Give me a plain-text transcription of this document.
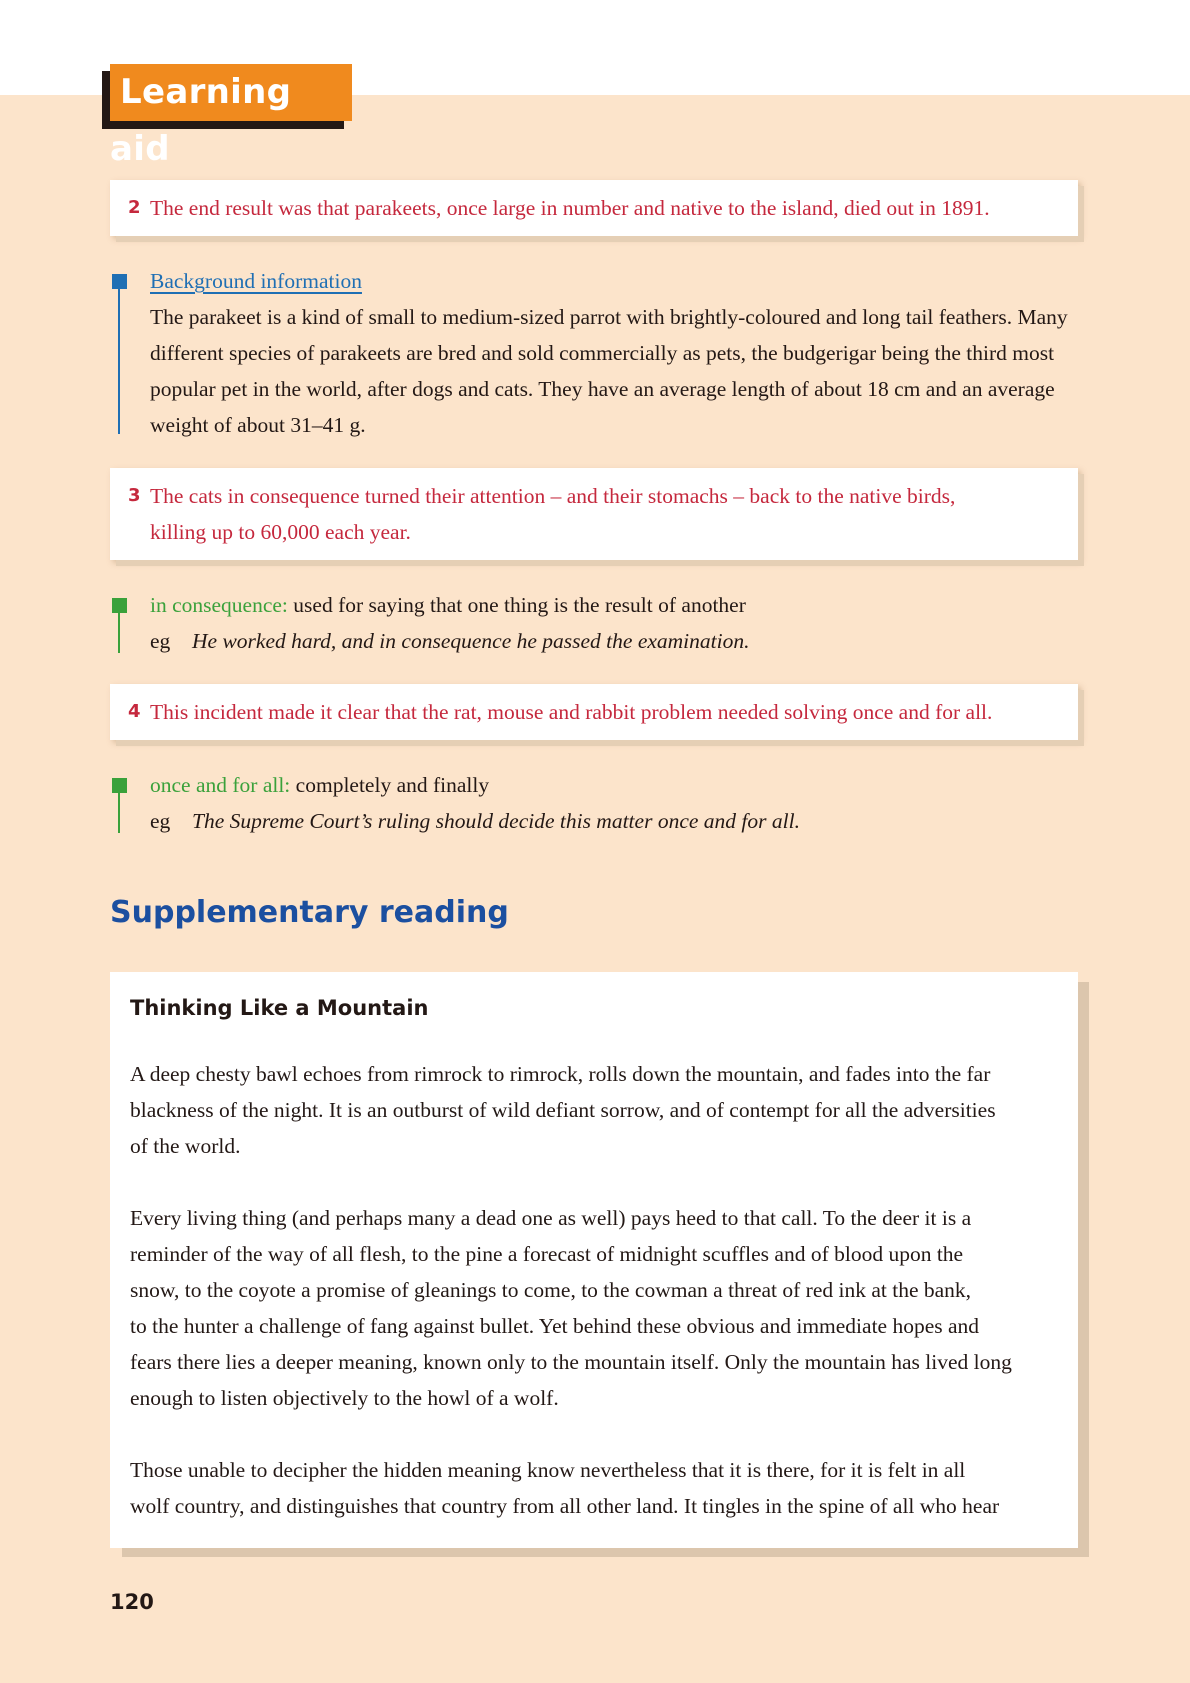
Learning aid
2 The end result was that parakeets, once large in number and native to the island, died out in 1891.
Background information
The parakeet is a kind of small to medium-sized parrot with brightly-coloured and long tail feathers. Many
different species of parakeets are bred and sold commercially as pets, the budgerigar being the third most
popular pet in the world, after dogs and cats. They have an average length of about 18 cm and an average
weight of about 31–41 g.
3 The cats in consequence turned their attention – and their stomachs – back to the native birds,
killing up to 60,000 each year.
in consequence: used for saying that one thing is the result of another
eg He worked hard, and in consequence he passed the examination.
4 This incident made it clear that the rat, mouse and rabbit problem needed solving once and for all.
once and for all: completely and finally
eg The Supreme Court’s ruling should decide this matter once and for all.
Supplementary reading
Thinking Like a Mountain
A deep chesty bawl echoes from rimrock to rimrock, rolls down the mountain, and fades into the far
blackness of the night. It is an outburst of wild defiant sorrow, and of contempt for all the adversities
of the world.
Every living thing (and perhaps many a dead one as well) pays heed to that call. To the deer it is a
reminder of the way of all flesh, to the pine a forecast of midnight scuffles and of blood upon the
snow, to the coyote a promise of gleanings to come, to the cowman a threat of red ink at the bank,
to the hunter a challenge of fang against bullet. Yet behind these obvious and immediate hopes and
fears there lies a deeper meaning, known only to the mountain itself. Only the mountain has lived long
enough to listen objectively to the howl of a wolf.
Those unable to decipher the hidden meaning know nevertheless that it is there, for it is felt in all
wolf country, and distinguishes that country from all other land. It tingles in the spine of all who hear
120
